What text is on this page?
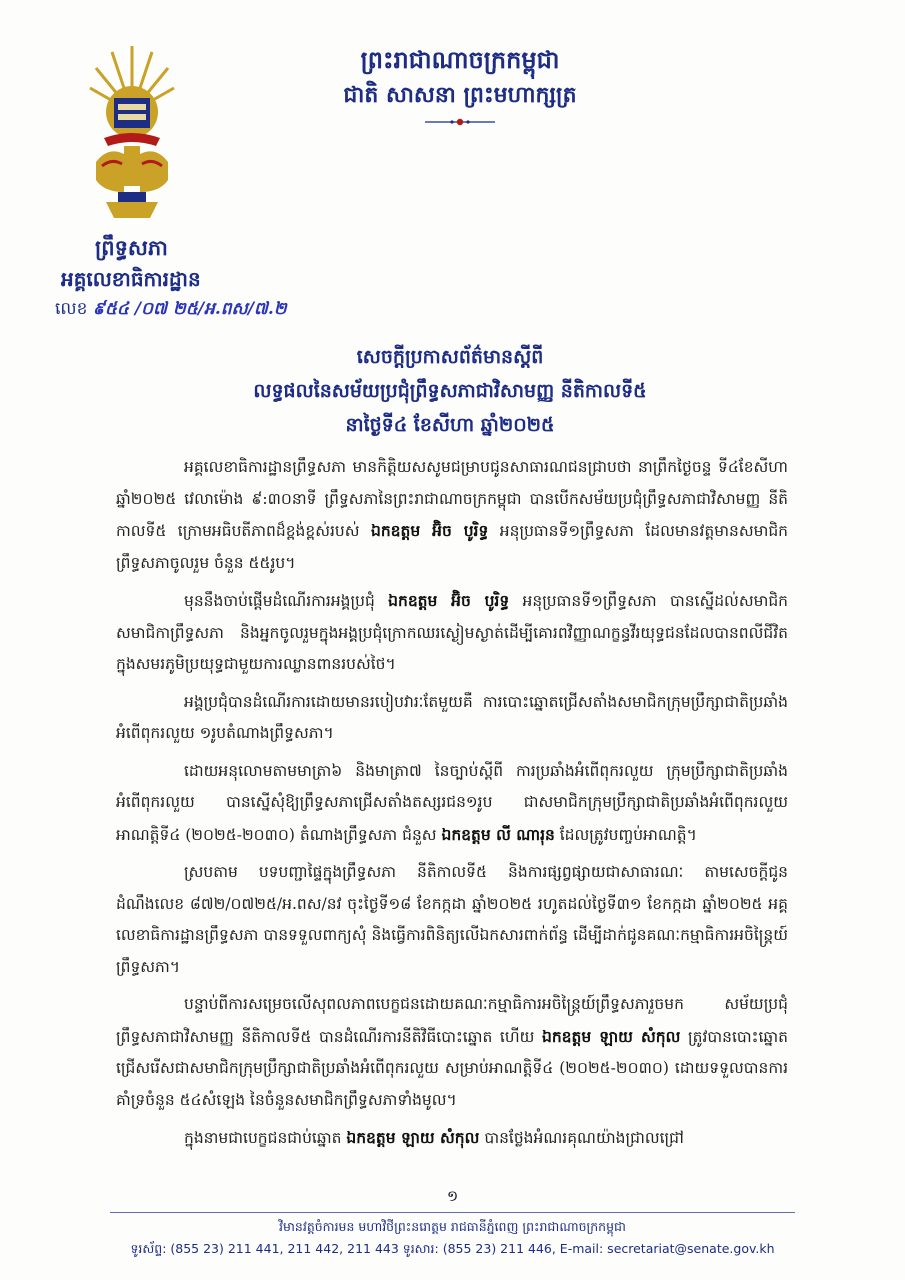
ព្រះរាជាណាចក្រកម្ពុជា
ជាតិ សាសនា ព្រះមហាក្សត្រ
ព្រឹទ្ធសភា
អគ្គលេខាធិការដ្ឋាន
លេខ ៩៥៤ /០៧ ២៥/អ.ពស/៧.២
សេចក្តីប្រកាសព័ត៌មានស្តីពី
លទ្ធផលនៃសម័យប្រជុំព្រឹទ្ធសភាជាវិសាមញ្ញ នីតិកាលទី៥
នាថ្ងៃទី៤ ខែសីហា ឆ្នាំ២០២៥

អគ្គលេខាធិការដ្ឋានព្រឹទ្ធសភា មានកិត្តិយសសូមជម្រាបជូនសាធារណជនជ្រាបថា នាព្រឹកថ្ងៃចន្ទ ទី៤ខែសីហា ឆ្នាំ២០២៥ វេលាម៉ោង ៩:៣០នាទី ព្រឹទ្ធសភានៃព្រះរាជាណាចក្រកម្ពុជា បានបើកសម័យប្រជុំព្រឹទ្ធសភាជាវិសាមញ្ញ នីតិកាលទី៥ ក្រោមអធិបតីភាពដ៏ខ្ពង់ខ្ពស់របស់ ឯកឧត្តម អ៊ិច បូរិទ្ធ អនុប្រធានទី១ព្រឹទ្ធសភា ដែលមានវត្តមានសមាជិកព្រឹទ្ធសភាចូលរួម ចំនួន ៥៥រូប។

មុននឹងចាប់ផ្តើមដំណើរការអង្គប្រជុំ ឯកឧត្តម អ៊ិច បូរិទ្ធ អនុប្រធានទី១ព្រឹទ្ធសភា បានស្នើដល់សមាជិក សមាជិកាព្រឹទ្ធសភា និងអ្នកចូលរួមក្នុងអង្គប្រជុំក្រោកឈរស្ងៀមស្ងាត់ដើម្បីគោរពវិញ្ញាណក្ខន្ធវីរយុទ្ធជនដែលបានពលីជីវិតក្នុងសមរភូមិប្រយុទ្ធជាមួយការឈ្លានពានរបស់ថៃ។

អង្គប្រជុំបានដំណើរការដោយមានរបៀបវារៈតែមួយគឺ ការបោះឆ្នោតជ្រើសតាំងសមាជិកក្រុមប្រឹក្សាជាតិប្រឆាំងអំពើពុករលួយ ១រូបតំណាងព្រឹទ្ធសភា។

ដោយអនុលោមតាមមាត្រា៦ និងមាត្រា៧ នៃច្បាប់ស្តីពី ការប្រឆាំងអំពើពុករលួយ ក្រុមប្រឹក្សាជាតិប្រឆាំងអំពើពុករលួយ បានស្នើសុំឱ្យព្រឹទ្ធសភាជ្រើសតាំងតស្សរជន១រូប ជាសមាជិកក្រុមប្រឹក្សាជាតិប្រឆាំងអំពើពុករលួយអាណត្តិទី៤ (២០២៥-២០៣០) តំណាងព្រឹទ្ធសភា ជំនួស ឯកឧត្តម លី ណារុន ដែលត្រូវបញ្ចប់អាណត្តិ។

ស្របតាម បទបញ្ជាផ្ទៃក្នុងព្រឹទ្ធសភា នីតិកាលទី៥ និងការផ្សព្វផ្សាយជាសាធារណៈ តាមសេចក្តីជូនដំណឹងលេខ ៨៧២/០៧២៥/អ.ពស/នវ ចុះថ្ងៃទី១៨ ខែកក្កដា ឆ្នាំ២០២៥ រហូតដល់ថ្ងៃទី៣១ ខែកក្កដា ឆ្នាំ២០២៥ អគ្គលេខាធិការដ្ឋានព្រឹទ្ធសភា បានទទួលពាក្យសុំ និងធ្វើការពិនិត្យលើឯកសារពាក់ព័ន្ធ ដើម្បីដាក់ជូនគណៈកម្មាធិការអចិន្ត្រៃយ៍ព្រឹទ្ធសភា។

បន្ទាប់ពីការសម្រេចលើសុពលភាពបេក្ខជនដោយគណៈកម្មាធិការអចិន្ត្រៃយ៍ព្រឹទ្ធសភារួចមក សម័យប្រជុំព្រឹទ្ធសភាជាវិសាមញ្ញ នីតិកាលទី៥ បានដំណើរការនីតិវិធីបោះឆ្នោត ហើយ ឯកឧត្តម ឡាយ សំកុល ត្រូវបានបោះឆ្នោតជ្រើសរើសជាសមាជិកក្រុមប្រឹក្សាជាតិប្រឆាំងអំពើពុករលួយ សម្រាប់អាណត្តិទី៤ (២០២៥-២០៣០) ដោយទទួលបានការគាំទ្រចំនួន ៥៤សំឡេង នៃចំនួនសមាជិកព្រឹទ្ធសភាទាំងមូល។

ក្នុងនាមជាបេក្ខជនជាប់ឆ្នោត ឯកឧត្តម ឡាយ សំកុល បានថ្លែងអំណរគុណយ៉ាងជ្រាលជ្រៅ

១
វិមានវត្តចំការមន មហាវិថីព្រះនរោត្តម រាជធានីភ្នំពេញ ព្រះរាជាណាចក្រកម្ពុជា
ទូរស័ព្ទ: (855 23) 211 441, 211 442, 211 443 ទូរសារ: (855 23) 211 446, E-mail: secretariat@senate.gov.kh
